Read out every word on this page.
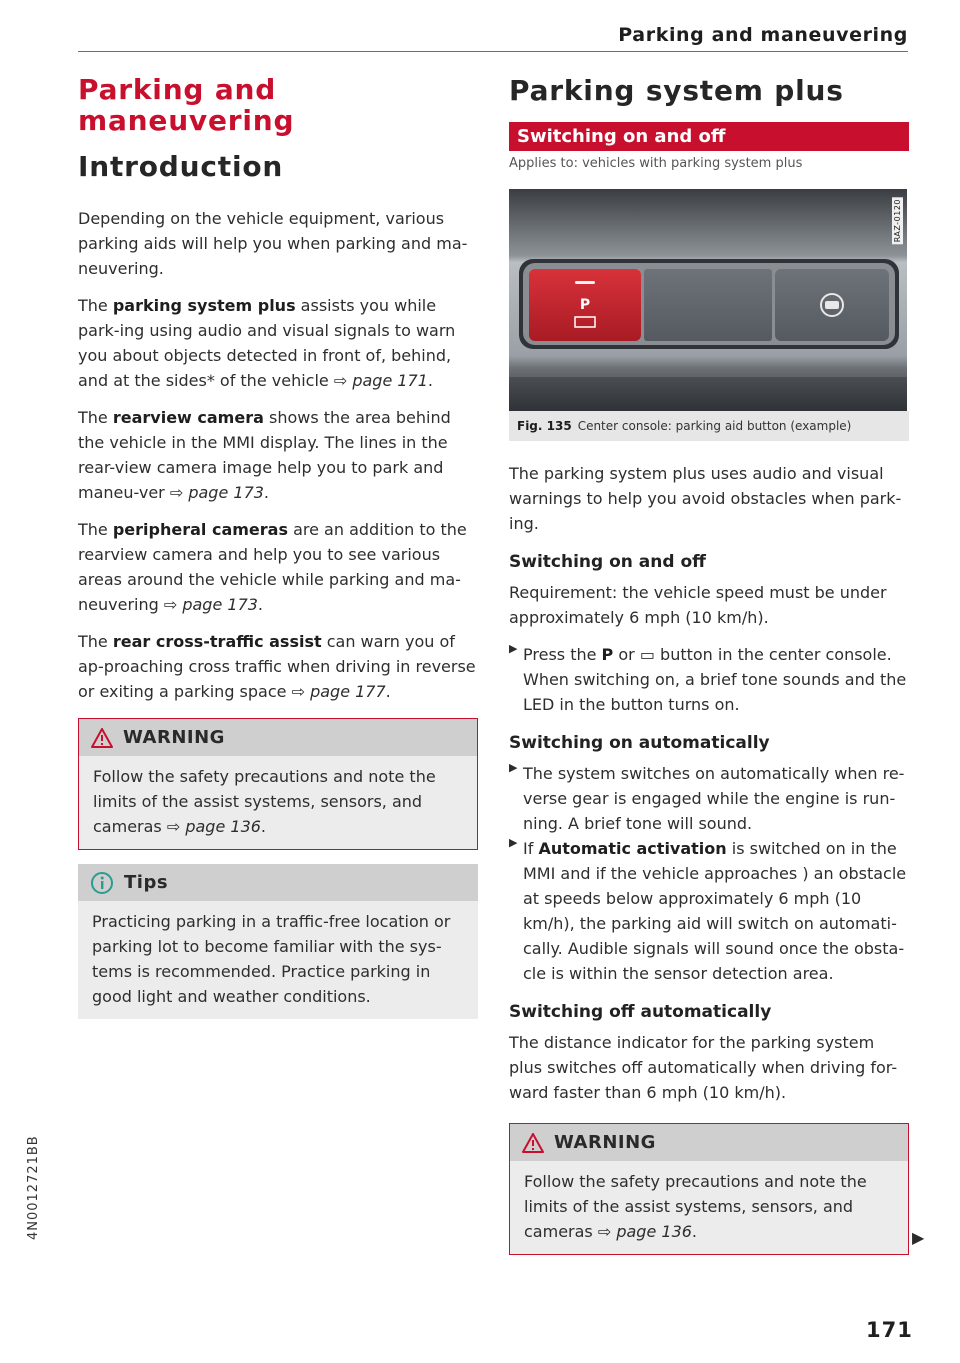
Parking and maneuvering
Parking and
maneuvering
Introduction

Depending on the vehicle equipment, various parking aids will help you when parking and ma-neuvering.

The parking system plus assists you while park-ing using audio and visual signals to warn you about objects detected in front of, behind, and at the sides* of the vehicle ⇨ page 171.

The rearview camera shows the area behind the vehicle in the MMI display. The lines in the rear-view camera image help you to park and maneu-ver ⇨ page 173.

The peripheral cameras are an addition to the rearview camera and help you to see various areas around the vehicle while parking and ma-neuvering ⇨ page 173.

The rear cross-traffic assist can warn you of ap-proaching cross traffic when driving in reverse or exiting a parking space ⇨ page 177.

WARNING

Follow the safety precautions and note the limits of the assist systems, sensors, and cameras ⇨ page 136.

Tips

Practicing parking in a traffic-free location or parking lot to become familiar with the sys-tems is recommended. Practice parking in good light and weather conditions.

Parking system plus
Switching on and off
Applies to: vehicles with parking system plus
P
RAZ-0120
Fig. 135 Center console: parking aid button (example)

The parking system plus uses audio and visual warnings to help you avoid obstacles when park-ing.

Switching on and off

Requirement: the vehicle speed must be under approximately 6 mph (10 km/h).

▶ Press the P or ▭ button in the center console. When switching on, a brief tone sounds and the LED in the button turns on.

Switching on automatically
▶ The system switches on automatically when re-verse gear is engaged while the engine is run-ning. A brief tone will sound.

▶ If Automatic activation is switched on in the MMI and if the vehicle approaches ) an obstacle at speeds below approximately 6 mph (10 km/h), the parking aid will switch on automati-cally. Audible signals will sound once the obsta-cle is within the sensor detection area.

Switching off automatically

The distance indicator for the parking system plus switches off automatically when driving for-ward faster than 6 mph (10 km/h).

WARNING

Follow the safety precautions and note the limits of the assist systems, sensors, and cameras ⇨ page 136.	▶
171
4N0012721BB
